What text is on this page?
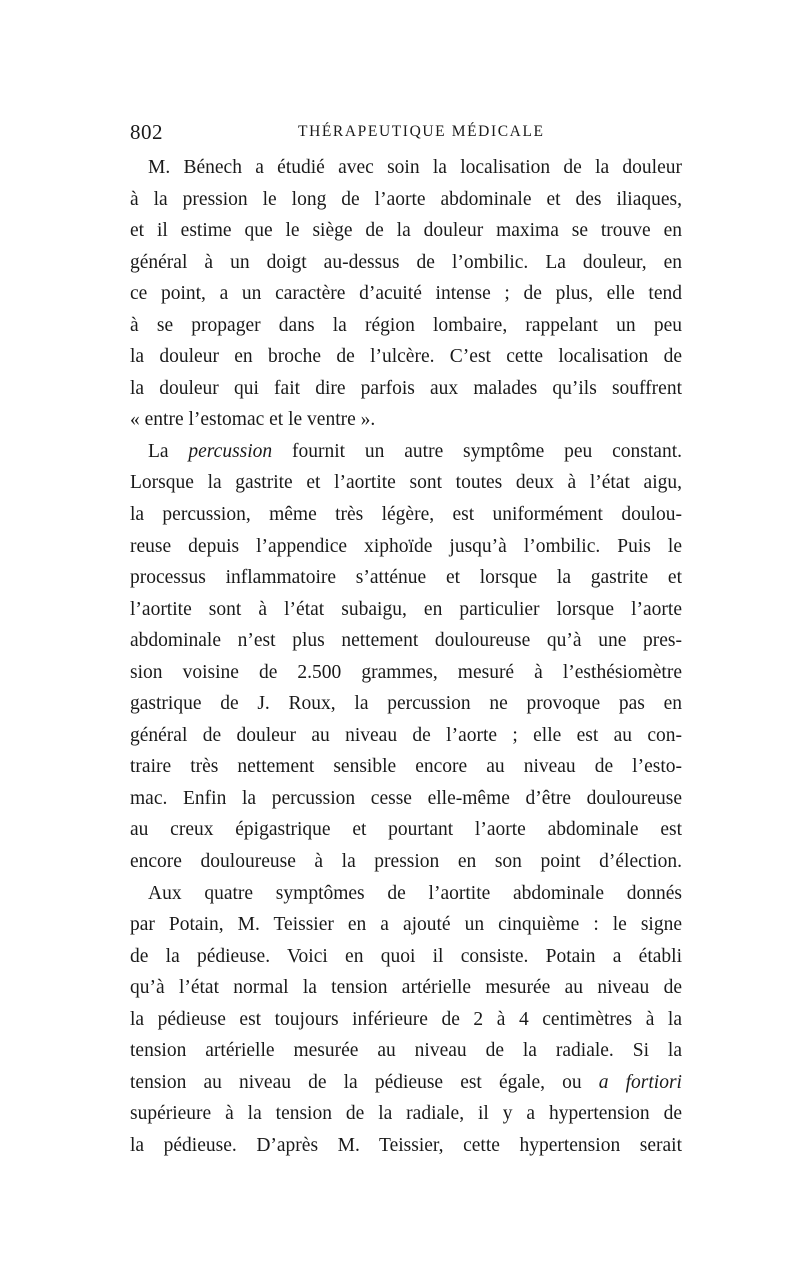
802	THÉRAPEUTIQUE MÉDICALE
M. Bénech a étudié avec soin la localisation de la douleur
à la pression le long de l’aorte abdominale et des iliaques,
et il estime que le siège de la douleur maxima se trouve en
général à un doigt au-dessus de l’ombilic. La douleur, en
ce point, a un caractère d’acuité intense ; de plus, elle tend
à se propager dans la région lombaire, rappelant un peu
la douleur en broche de l’ulcère. C’est cette localisation de
la douleur qui fait dire parfois aux malades qu’ils souffrent
« entre l’estomac et le ventre ».
La percussion fournit un autre symptôme peu constant.
Lorsque la gastrite et l’aortite sont toutes deux à l’état aigu,
la percussion, même très légère, est uniformément doulou-
reuse depuis l’appendice xiphoïde jusqu’à l’ombilic. Puis le
processus inflammatoire s’atténue et lorsque la gastrite et
l’aortite sont à l’état subaigu, en particulier lorsque l’aorte
abdominale n’est plus nettement douloureuse qu’à une pres-
sion voisine de 2.500 grammes, mesuré à l’esthésiomètre
gastrique de J. Roux, la percussion ne provoque pas en
général de douleur au niveau de l’aorte ; elle est au con-
traire très nettement sensible encore au niveau de l’esto-
mac. Enfin la percussion cesse elle-même d’être douloureuse
au creux épigastrique et pourtant l’aorte abdominale est
encore douloureuse à la pression en son point d’élection.
Aux quatre symptômes de l’aortite abdominale donnés
par Potain, M. Teissier en a ajouté un cinquième : le signe
de la pédieuse. Voici en quoi il consiste. Potain a établi
qu’à l’état normal la tension artérielle mesurée au niveau de
la pédieuse est toujours inférieure de 2 à 4 centimètres à la
tension artérielle mesurée au niveau de la radiale. Si la
tension au niveau de la pédieuse est égale, ou a fortiori
supérieure à la tension de la radiale, il y a hypertension de
la pédieuse. D’après M. Teissier, cette hypertension serait
